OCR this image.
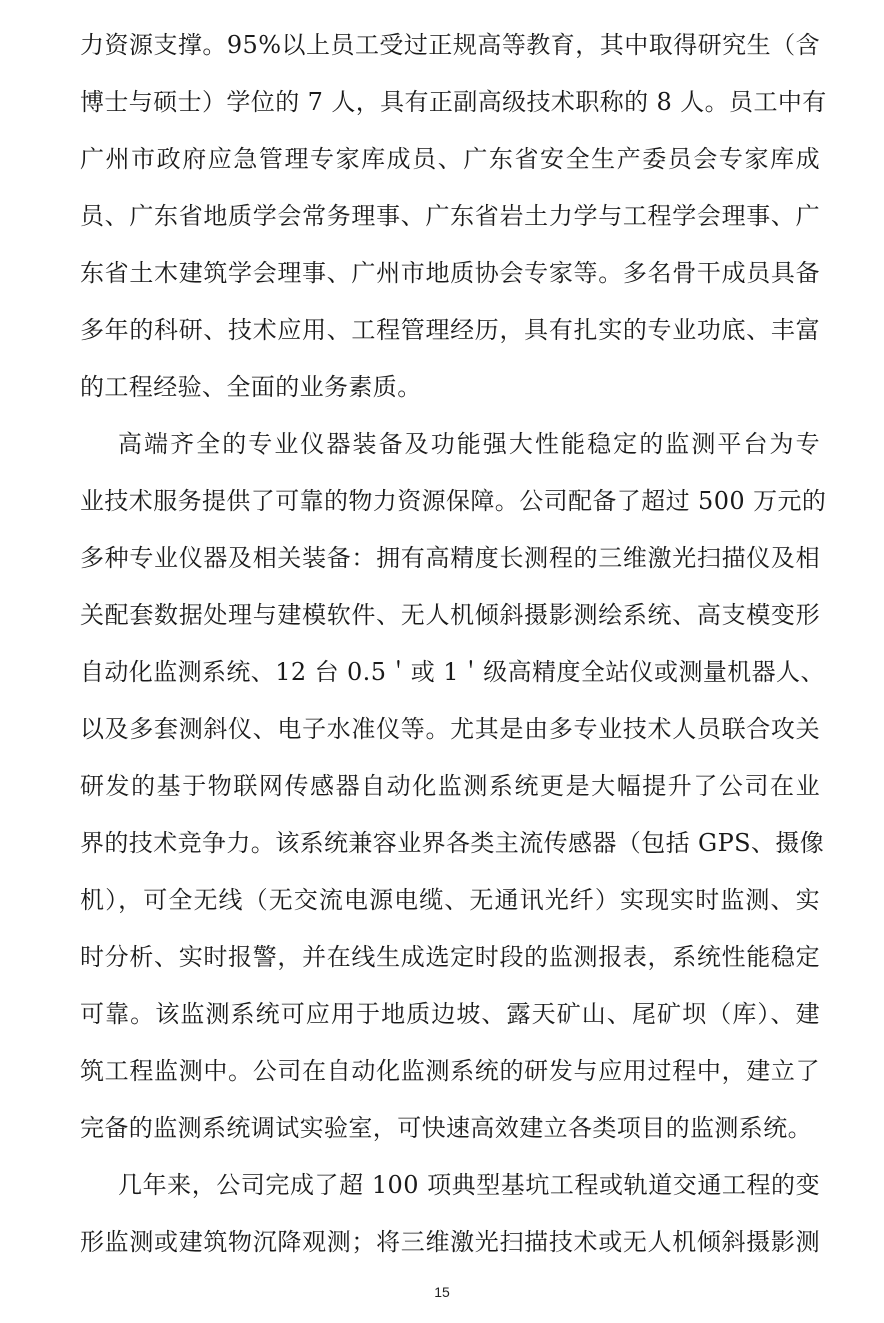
力资源支撑。95%以上员工受过正规高等教育，其中取得研究生（含
博士与硕士）学位的 7 人，具有正副高级技术职称的 8 人。员工中有
广州市政府应急管理专家库成员、广东省安全生产委员会专家库成
员、广东省地质学会常务理事、广东省岩土力学与工程学会理事、广
东省土木建筑学会理事、广州市地质协会专家等。多名骨干成员具备
多年的科研、技术应用、工程管理经历，具有扎实的专业功底、丰富
的工程经验、全面的业务素质。
高端齐全的专业仪器装备及功能强大性能稳定的监测平台为专
业技术服务提供了可靠的物力资源保障。公司配备了超过 500 万元的
多种专业仪器及相关装备：拥有高精度长测程的三维激光扫描仪及相
关配套数据处理与建模软件、无人机倾斜摄影测绘系统、高支模变形
自动化监测系统、12 台 0.5＇或 1＇级高精度全站仪或测量机器人、
以及多套测斜仪、电子水准仪等。尤其是由多专业技术人员联合攻关
研发的基于物联网传感器自动化监测系统更是大幅提升了公司在业
界的技术竞争力。该系统兼容业界各类主流传感器（包括 GPS、摄像
机），可全无线（无交流电源电缆、无通讯光纤）实现实时监测、实
时分析、实时报警，并在线生成选定时段的监测报表，系统性能稳定
可靠。该监测系统可应用于地质边坡、露天矿山、尾矿坝（库）、建
筑工程监测中。公司在自动化监测系统的研发与应用过程中，建立了
完备的监测系统调试实验室，可快速高效建立各类项目的监测系统。
几年来，公司完成了超 100 项典型基坑工程或轨道交通工程的变
形监测或建筑物沉降观测；将三维激光扫描技术或无人机倾斜摄影测
15
